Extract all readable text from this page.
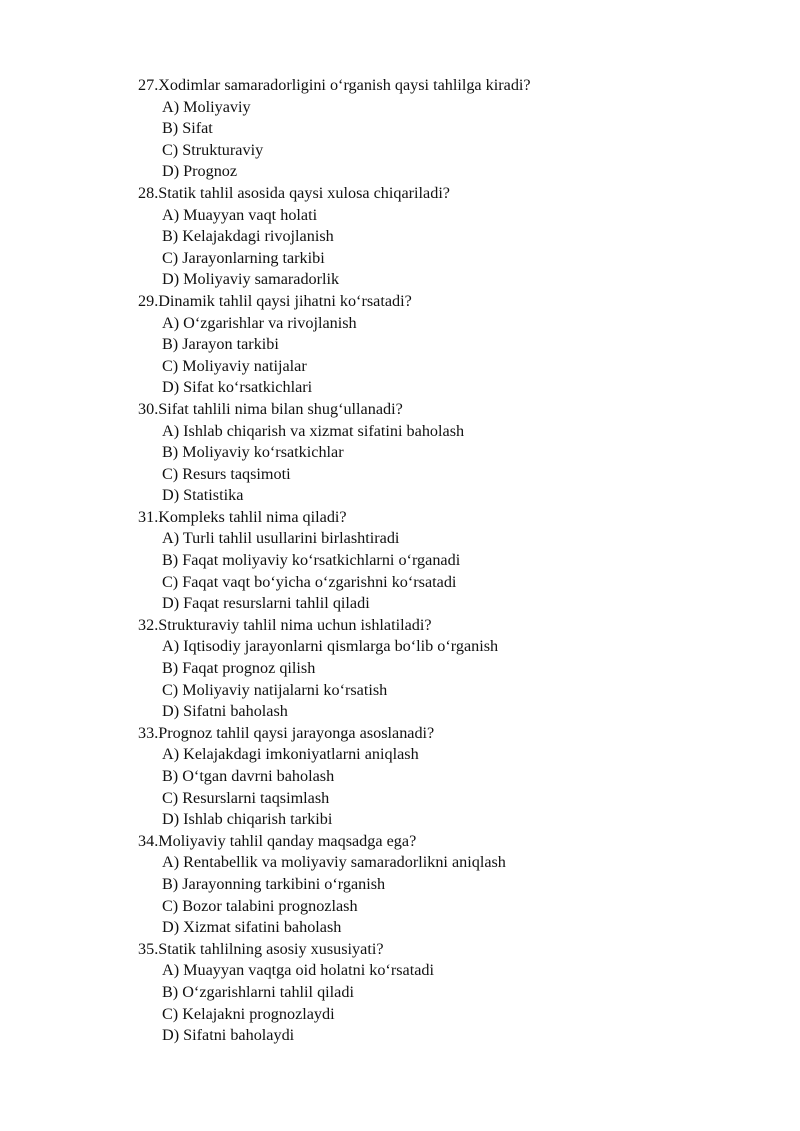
27.Xodimlar samaradorligini o‘rganish qaysi tahlilga kiradi?
A) Moliyaviy
B) Sifat
C) Strukturaviy
D) Prognoz
28.Statik tahlil asosida qaysi xulosa chiqariladi?
A) Muayyan vaqt holati
B) Kelajakdagi rivojlanish
C) Jarayonlarning tarkibi
D) Moliyaviy samaradorlik
29.Dinamik tahlil qaysi jihatni ko‘rsatadi?
A) O‘zgarishlar va rivojlanish
B) Jarayon tarkibi
C) Moliyaviy natijalar
D) Sifat ko‘rsatkichlari
30.Sifat tahlili nima bilan shug‘ullanadi?
A) Ishlab chiqarish va xizmat sifatini baholash
B) Moliyaviy ko‘rsatkichlar
C) Resurs taqsimoti
D) Statistika
31.Kompleks tahlil nima qiladi?
A) Turli tahlil usullarini birlashtiradi
B) Faqat moliyaviy ko‘rsatkichlarni o‘rganadi
C) Faqat vaqt bo‘yicha o‘zgarishni ko‘rsatadi
D) Faqat resurslarni tahlil qiladi
32.Strukturaviy tahlil nima uchun ishlatiladi?
A) Iqtisodiy jarayonlarni qismlarga bo‘lib o‘rganish
B) Faqat prognoz qilish
C) Moliyaviy natijalarni ko‘rsatish
D) Sifatni baholash
33.Prognoz tahlil qaysi jarayonga asoslanadi?
A) Kelajakdagi imkoniyatlarni aniqlash
B) O‘tgan davrni baholash
C) Resurslarni taqsimlash
D) Ishlab chiqarish tarkibi
34.Moliyaviy tahlil qanday maqsadga ega?
A) Rentabellik va moliyaviy samaradorlikni aniqlash
B) Jarayonning tarkibini o‘rganish
C) Bozor talabini prognozlash
D) Xizmat sifatini baholash
35.Statik tahlilning asosiy xususiyati?
A) Muayyan vaqtga oid holatni ko‘rsatadi
B) O‘zgarishlarni tahlil qiladi
C) Kelajakni prognozlaydi
D) Sifatni baholaydi
